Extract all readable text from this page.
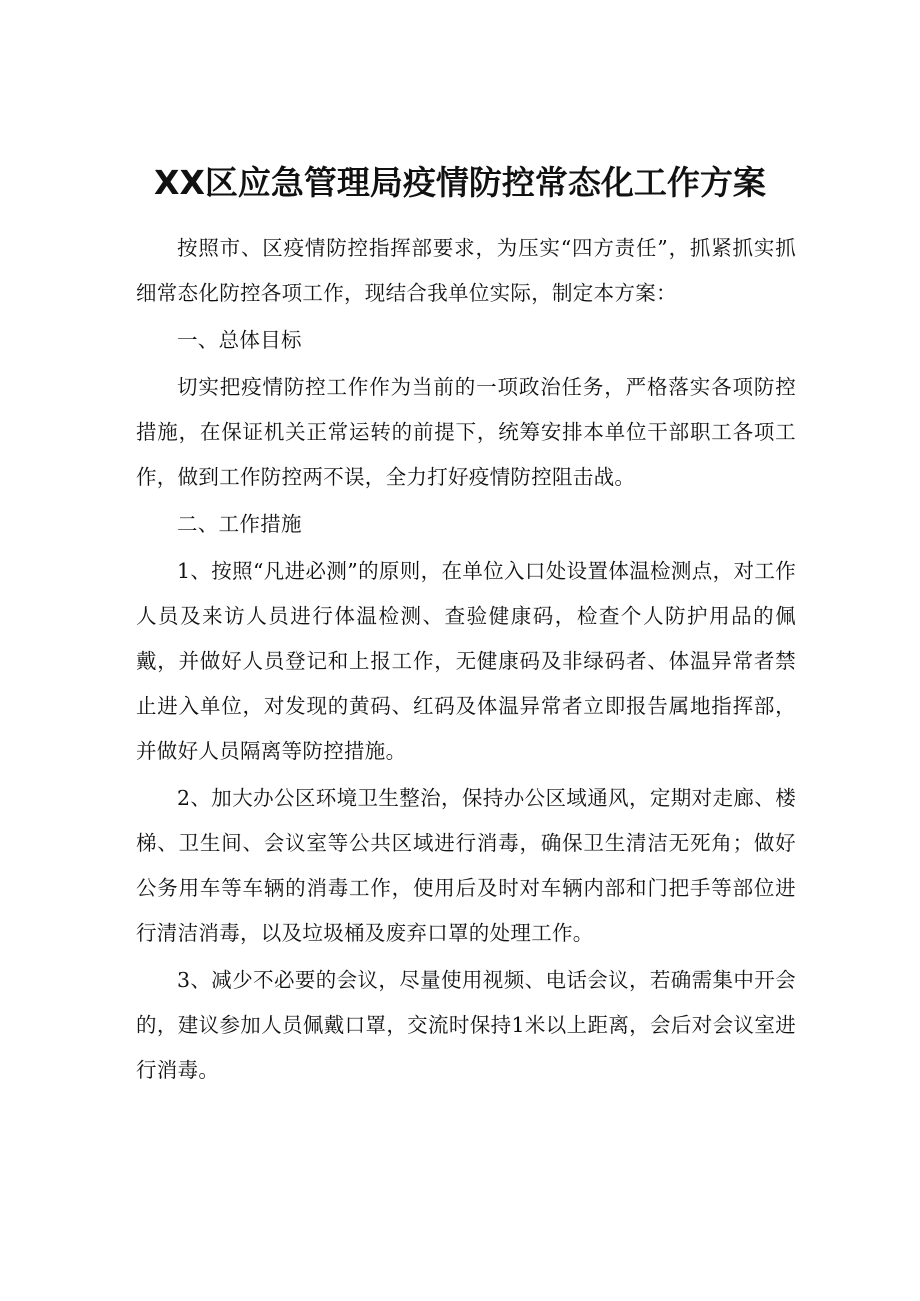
XX区应急管理局疫情防控常态化工作方案

按照市、区疫情防控指挥部要求，为压实“四方责任”，抓紧抓实抓细常态化防控各项工作，现结合我单位实际，制定本方案：

一、总体目标

切实把疫情防控工作作为当前的一项政治任务，严格落实各项防控措施，在保证机关正常运转的前提下，统筹安排本单位干部职工各项工作，做到工作防控两不误，全力打好疫情防控阻击战。

二、工作措施

1、按照“凡进必测”的原则，在单位入口处设置体温检测点，对工作人员及来访人员进行体温检测、查验健康码，检查个人防护用品的佩戴，并做好人员登记和上报工作，无健康码及非绿码者、体温异常者禁止进入单位，对发现的黄码、红码及体温异常者立即报告属地指挥部，并做好人员隔离等防控措施。

2、加大办公区环境卫生整治，保持办公区域通风，定期对走廊、楼梯、卫生间、会议室等公共区域进行消毒，确保卫生清洁无死角；做好公务用车等车辆的消毒工作，使用后及时对车辆内部和门把手等部位进行清洁消毒，以及垃圾桶及废弃口罩的处理工作。

3、减少不必要的会议，尽量使用视频、电话会议，若确需集中开会的，建议参加人员佩戴口罩，交流时保持1米以上距离，会后对会议室进行消毒。
